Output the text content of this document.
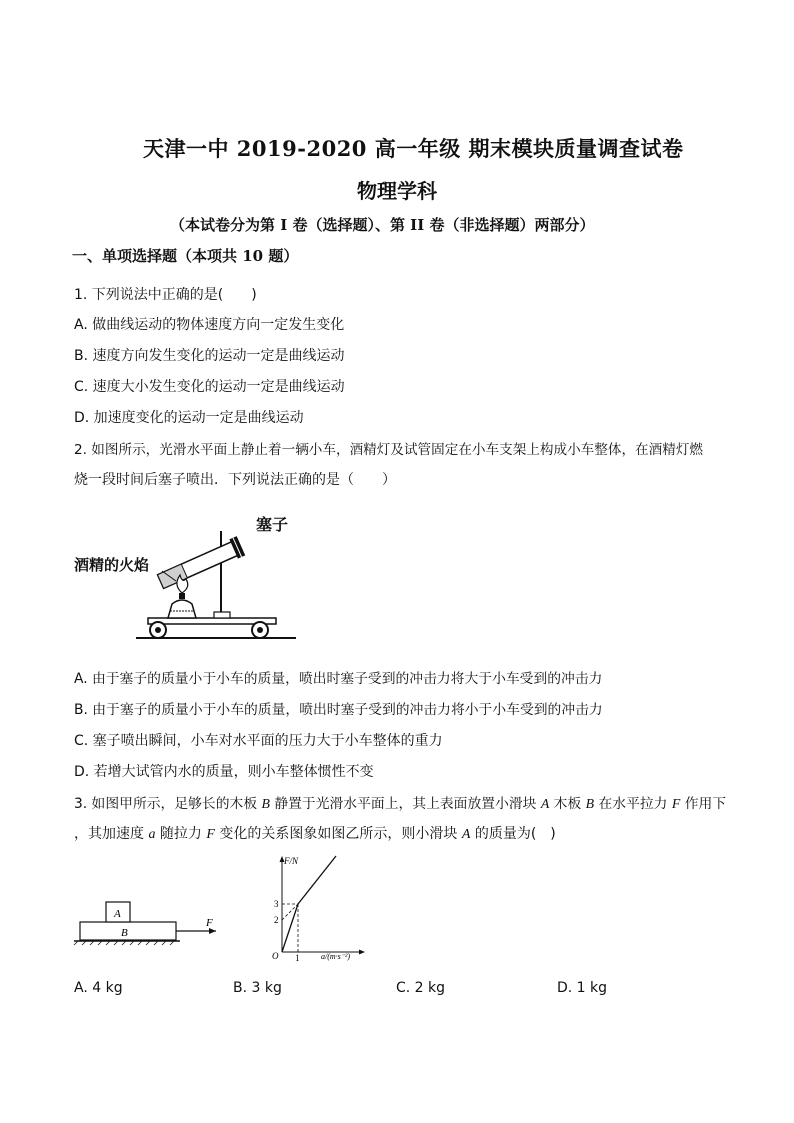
天津一中 2019-2020 高一年级 期末模块质量调查试卷
物理学科
（本试卷分为第 I 卷（选择题）、第 II 卷（非选择题）两部分）
一、单项选择题（本项共 10 题）
1. 下列说法中正确的是(　　)
A. 做曲线运动的物体速度方向一定发生变化
B. 速度方向发生变化的运动一定是曲线运动
C. 速度大小发生变化的运动一定是曲线运动
D. 加速度变化的运动一定是曲线运动
2. 如图所示，光滑水平面上静止着一辆小车，酒精灯及试管固定在小车支架上构成小车整体，在酒精灯燃
烧一段时间后塞子喷出．下列说法正确的是（　　）
塞子
酒精的火焰
A. 由于塞子的质量小于小车的质量，喷出时塞子受到的冲击力将大于小车受到的冲击力
B. 由于塞子的质量小于小车的质量，喷出时塞子受到的冲击力将小于小车受到的冲击力
C. 塞子喷出瞬间，小车对水平面的压力大于小车整体的重力
D. 若增大试管内水的质量，则小车整体惯性不变
3. 如图甲所示，足够长的木板 B 静置于光滑水平面上，其上表面放置小滑块 A 木板 B 在水平拉力 F 作用下
，其加速度 a 随拉力 F 变化的关系图象如图乙所示，则小滑块 A 的质量为(　)
A
B
F
F/N
a/(m·s⁻²)
O 1
2
3
A. 4 kg	B. 3 kg	C. 2 kg	D. 1 kg
